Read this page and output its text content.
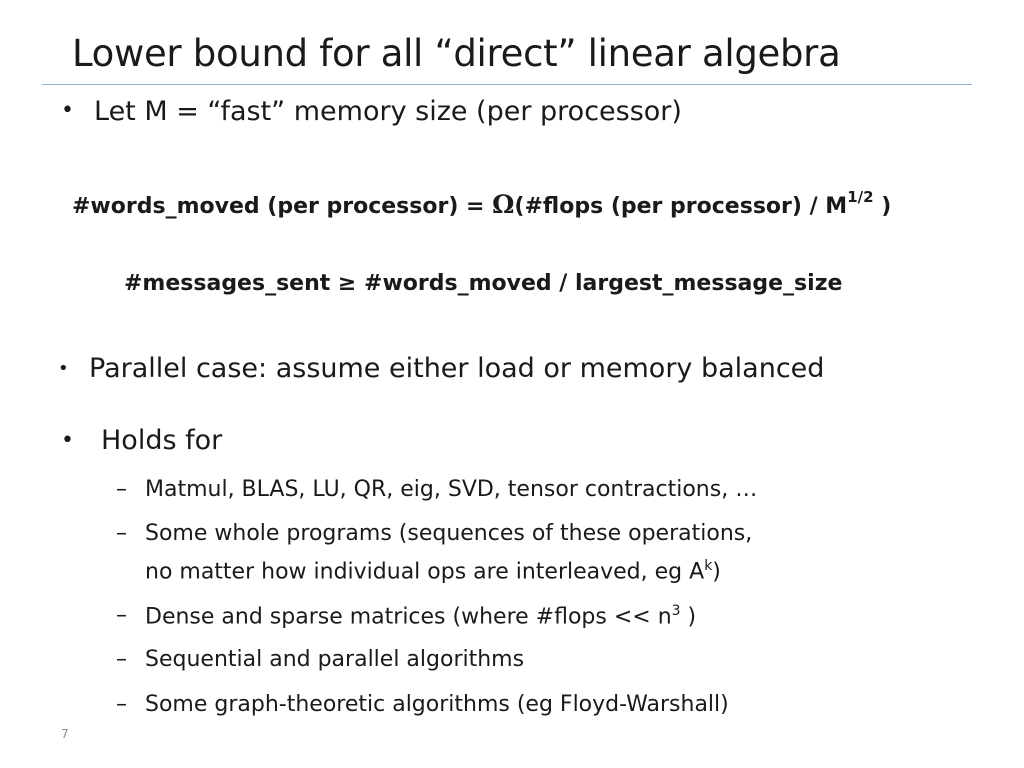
Lower bound for all “direct” linear algebra
• Let M = “fast” memory size (per processor)
#words_moved (per processor) = Ω(#flops (per processor) / $M^{1/2}$ )
#messages_sent ≥ #words_moved / largest_message_size
• Parallel case: assume either load or memory balanced
• Holds for
– Matmul, BLAS, LU, QR, eig, SVD, tensor contractions, …
– Some whole programs (sequences of these operations,
no matter how individual ops are interleaved, eg $A^k$)
– Dense and sparse matrices (where #flops << $n^3$ )
– Sequential and parallel algorithms
– Some graph-theoretic algorithms (eg Floyd-Warshall)
7
